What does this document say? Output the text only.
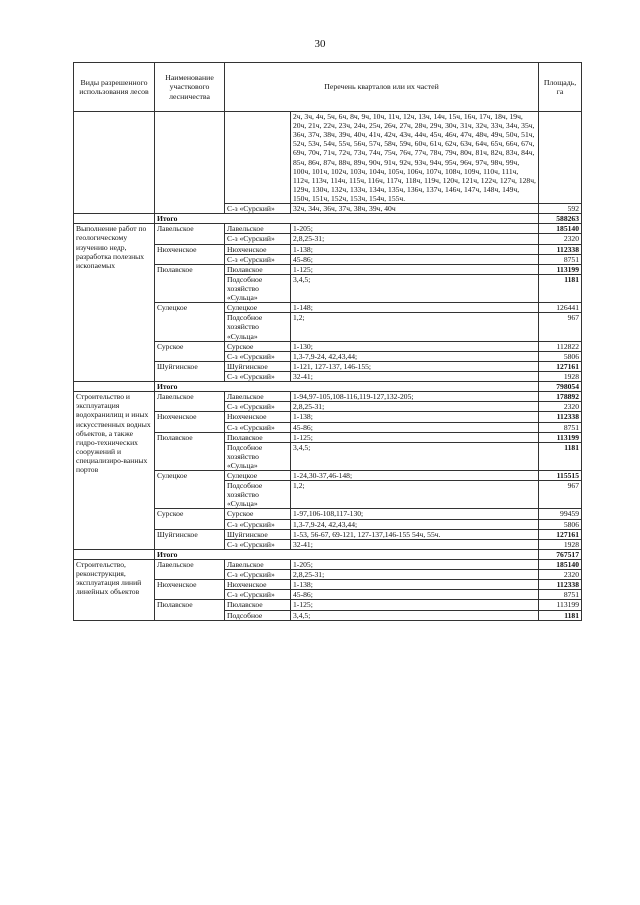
30
Виды разрешенного использования лесов	Наименование участкового лесничества	Перечень кварталов или их частей		Площадь, га
			2ч, 3ч, 4ч, 5ч, 6ч, 8ч, 9ч, 10ч, 11ч, 12ч, 13ч, 14ч, 15ч, 16ч, 17ч, 18ч, 19ч, 20ч, 21ч, 22ч, 23ч, 24ч, 25ч, 26ч, 27ч, 28ч, 29ч, 30ч, 31ч, 32ч, 33ч, 34ч, 35ч, 36ч, 37ч, 38ч, 39ч, 40ч, 41ч, 42ч, 43ч, 44ч, 45ч, 46ч, 47ч, 48ч, 49ч, 50ч, 51ч, 52ч, 53ч, 54ч, 55ч, 56ч, 57ч, 58ч, 59ч, 60ч, 61ч, 62ч, 63ч, 64ч, 65ч, 66ч, 67ч, 69ч, 70ч, 71ч, 72ч, 73ч, 74ч, 75ч, 76ч, 77ч, 78ч, 79ч, 80ч, 81ч, 82ч, 83ч, 84ч, 85ч, 86ч, 87ч, 88ч, 89ч, 90ч, 91ч, 92ч, 93ч, 94ч, 95ч, 96ч, 97ч, 98ч, 99ч, 100ч, 101ч, 102ч, 103ч, 104ч, 105ч, 106ч, 107ч, 108ч, 109ч, 110ч, 111ч, 112ч, 113ч, 114ч, 115ч, 116ч, 117ч, 118ч, 119ч, 120ч, 121ч, 122ч, 127ч, 128ч, 129ч, 130ч, 132ч, 133ч, 134ч, 135ч, 136ч, 137ч, 146ч, 147ч, 148ч, 149ч, 150ч, 151ч, 152ч, 153ч, 154ч, 155ч.	
		С-з «Сурский»	32ч, 34ч, 36ч, 37ч, 38ч, 39ч, 40ч	592
	Итого			588263
Выполнение работ по геологическому изучению недр, разработка полезных ископаемых	Лавельское	Лавельское	1-205;	185140
		С-з «Сурский»	2,8,25-31;	2320
	Нюхченское	Нюхченское	1-138;	112338
		С-з «Сурский»	45-86;	8751
	Пюлавское	Пюлавское	1-125;	113199
		Подсобное хозяйство «Сульца»	3,4,5;	1181
	Сулецкое	Сулецкое	1-148;	126441
		Подсобное хозяйство «Сульца»	1,2;	967
	Сурское	Сурское	1-130;	112822
		С-з «Сурский»	1,3-7,9-24, 42,43,44;	5806
	Шуйгинское	Шуйгинское	1-121, 127-137, 146-155;	127161
		С-з «Сурский»	32-41;	1928
	Итого			798054
Строительство и эксплуатация водохранилищ и иных искусственных водных объектов, а также гидро-технических сооружений и специализиро-ванных портов	Лавельское	Лавельское	1-94,97-105,108-116,119-127,132-205;	178892
		С-з «Сурский»	2,8,25-31;	2320
	Нюхченское	Нюхченское	1-138;	112338
		С-з «Сурский»	45-86;	8751
	Пюлавское	Пюлавское	1-125;	113199
		Подсобное хозяйство «Сульца»	3,4,5;	1181
	Сулецкое	Сулецкое	1-24,30-37,46-148;	115515
		Подсобное хозяйство «Сульца»	1,2;	967
	Сурское	Сурское	1-97,106-108,117-130;	99459
		С-з «Сурский»	1,3-7,9-24, 42,43,44;	5806
	Шуйгинское	Шуйгинское	1-53, 56-67, 69-121, 127-137,146-155 54ч, 55ч.	127161
		С-з «Сурский»	32-41;	1928
	Итого			767517
Строительство, реконструкция, эксплуатация линий линейных объектов	Лавельское	Лавельское	1-205;	185140
		С-з «Сурский»	2,8,25-31;	2320
	Нюхченское	Нюхченское	1-138;	112338
		С-з «Сурский»	45-86;	8751
	Пюлавское	Пюлавское	1-125;	113199
		Подсобное	3,4,5;	1181
